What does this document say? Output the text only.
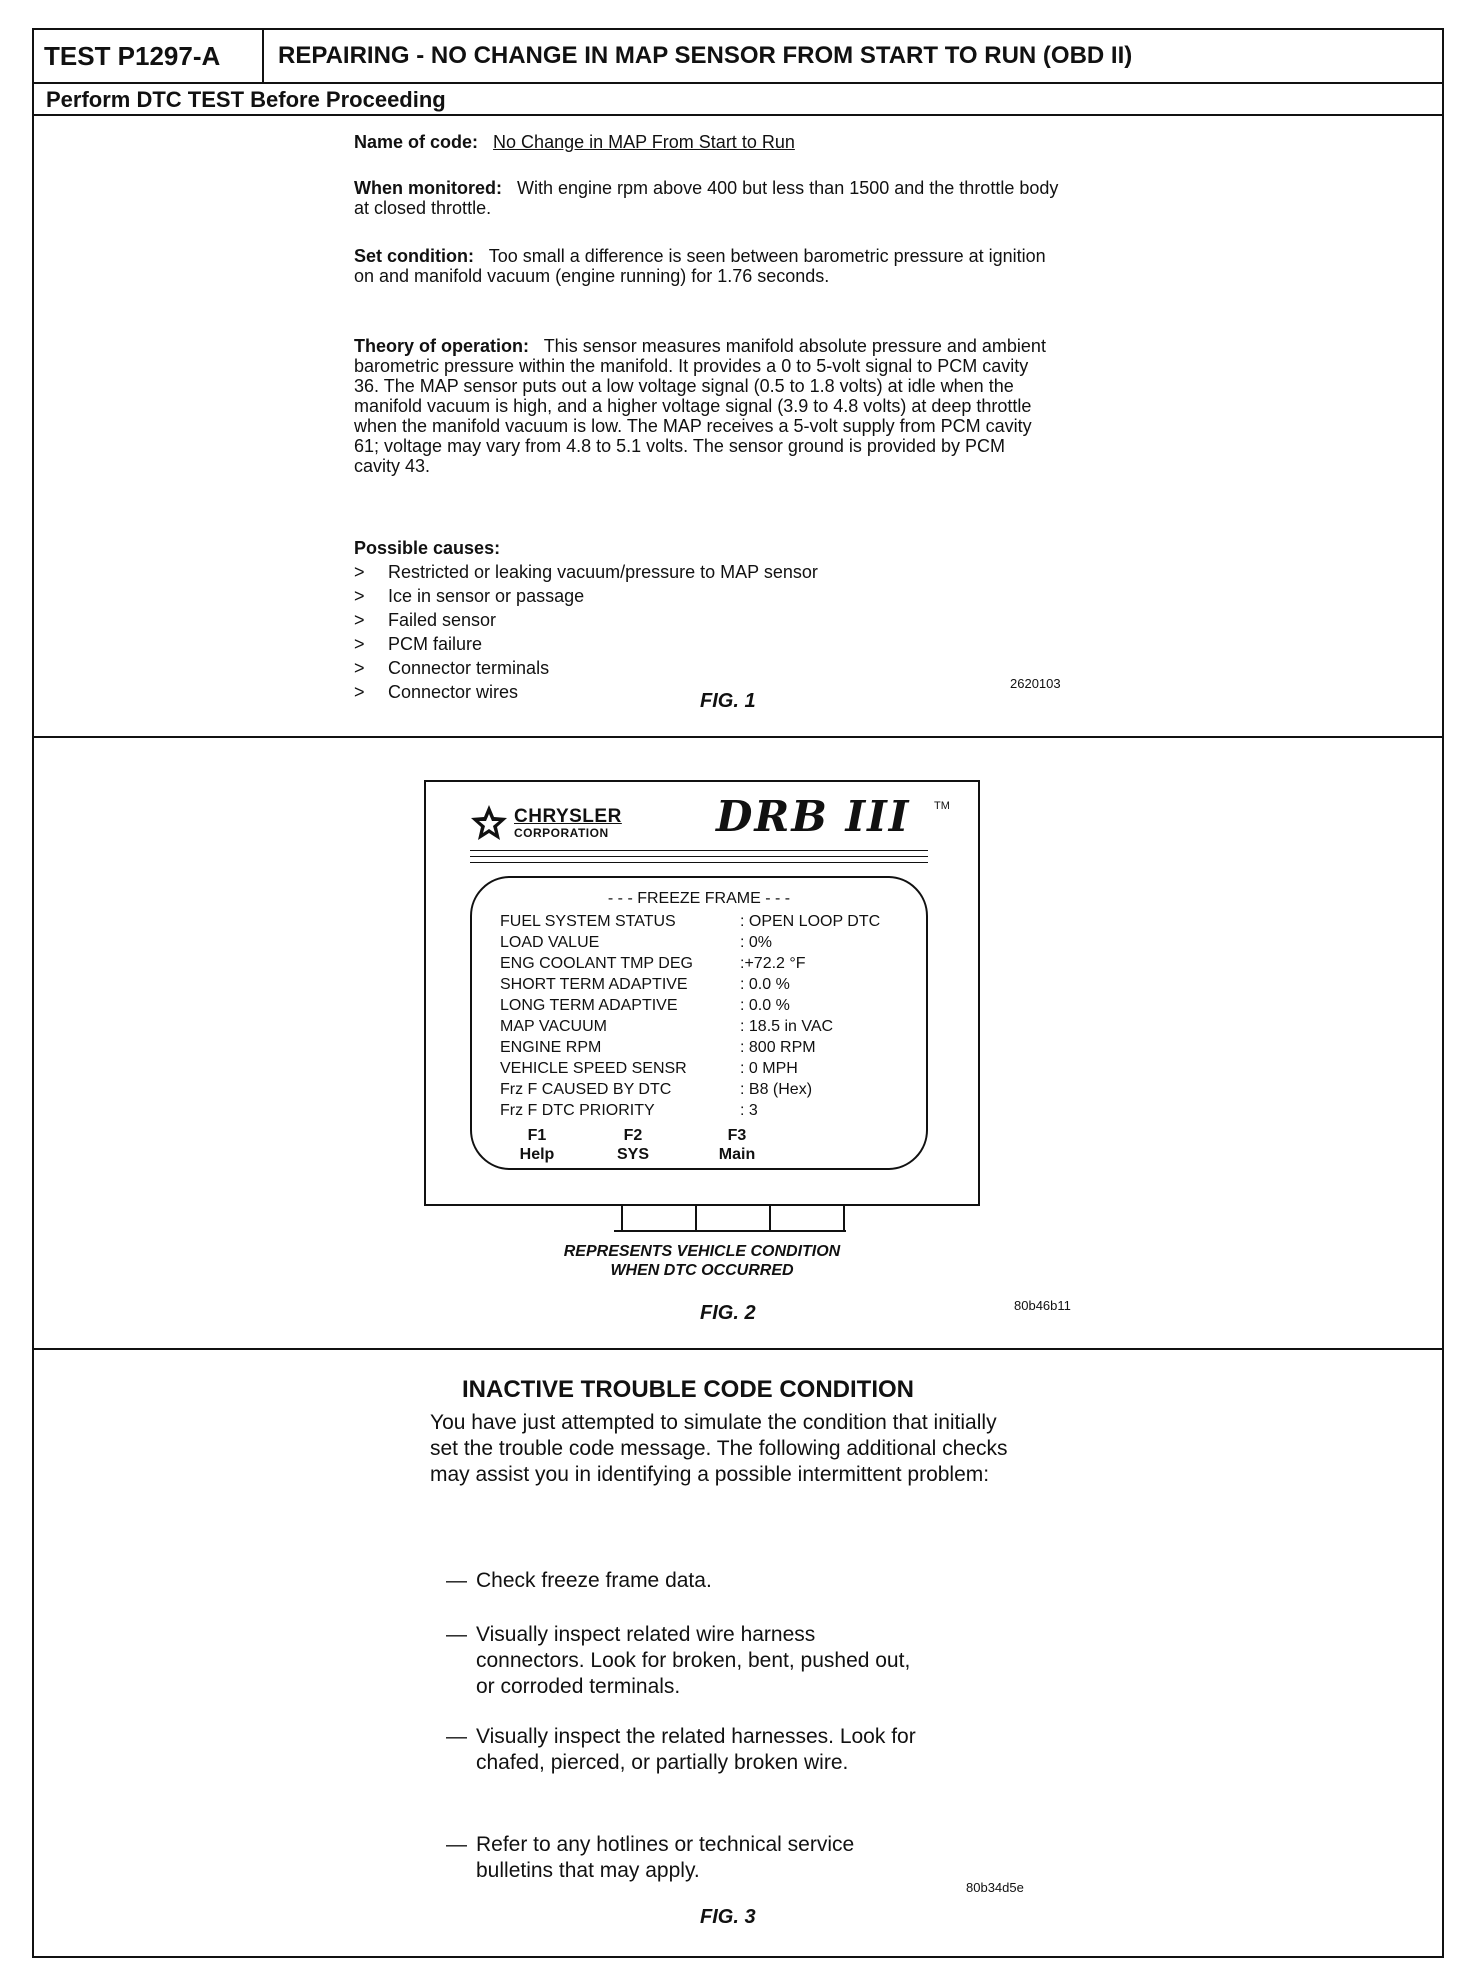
TEST P1297-A	REPAIRING - NO CHANGE IN MAP SENSOR FROM START TO RUN (OBD II)
Perform DTC TEST Before Proceeding
Name of code: No Change in MAP From Start to Run
When monitored: With engine rpm above 400 but less than 1500 and the throttle body at closed throttle.
Set condition: Too small a difference is seen between barometric pressure at ignition on and manifold vacuum (engine running) for 1.76 seconds.
Theory of operation: This sensor measures manifold absolute pressure and ambient barometric pressure within the manifold. It provides a 0 to 5-volt signal to PCM cavity 36. The MAP sensor puts out a low voltage signal (0.5 to 1.8 volts) at idle when the manifold vacuum is high, and a higher voltage signal (3.9 to 4.8 volts) at deep throttle when the manifold vacuum is low. The MAP receives a 5-volt supply from PCM cavity 61; voltage may vary from 4.8 to 5.1 volts. The sensor ground is provided by PCM cavity 43.
Possible causes:
>	Restricted or leaking vacuum/pressure to MAP sensor
>	Ice in sensor or passage
>	Failed sensor
>	PCM failure
>	Connector terminals
>	Connector wires	FIG. 1
2620103
CHRYSLER
CORPORATION	DRB III TM
- - - FREEZE FRAME - - -
FUEL SYSTEM STATUS	: OPEN LOOP DTC
LOAD VALUE	: 0%
ENG COOLANT TMP DEG	:+72.2 °F
SHORT TERM ADAPTIVE	: 0.0 %
LONG TERM ADAPTIVE	: 0.0 %
MAP VACUUM	: 18.5 in VAC
ENGINE RPM	: 800 RPM
VEHICLE SPEED SENSR	: 0 MPH
Frz F CAUSED BY DTC	: B8 (Hex)
Frz F DTC PRIORITY	: 3
F1
Help
F2
SYS
F3
Main
REPRESENTS VEHICLE CONDITION
WHEN DTC OCCURRED
FIG. 2	80b46b11
INACTIVE TROUBLE CODE CONDITION
You have just attempted to simulate the condition that initially set the trouble code message. The following additional checks may assist you in identifying a possible intermittent problem:
— Check freeze frame data.
— Visually inspect related wire harness connectors. Look for broken, bent, pushed out, or corroded terminals.
— Visually inspect the related harnesses. Look for chafed, pierced, or partially broken wire.
— Refer to any hotlines or technical service bulletins that may apply.
80b34d5e
FIG. 3
